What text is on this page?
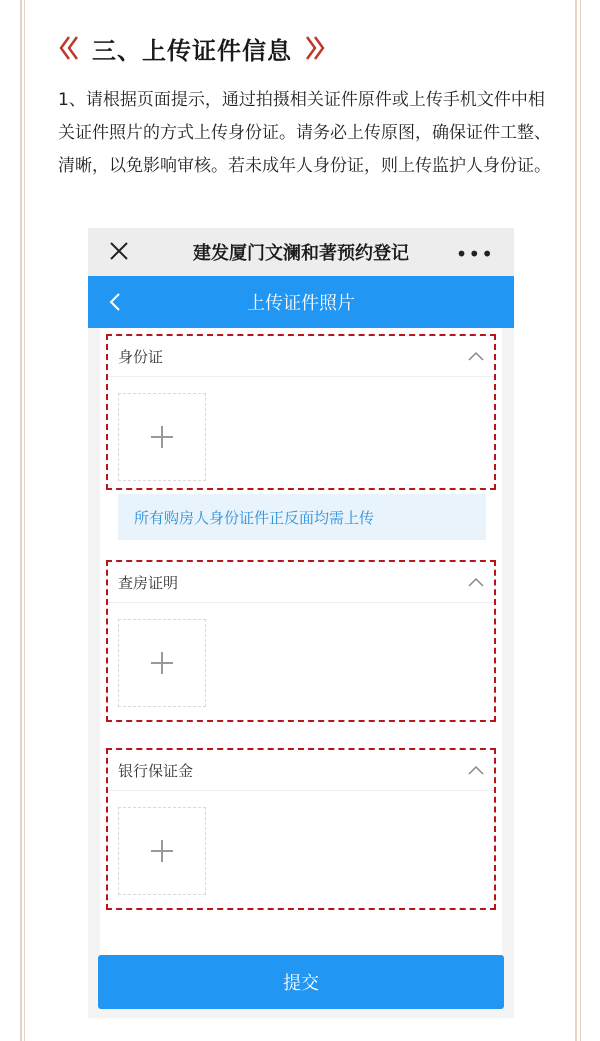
三、上传证件信息
1、请根据页面提示，通过拍摄相关证件原件或上传手机文件中相关证件照片的方式上传身份证。请务必上传原图，确保证件工整、清晰，以免影响审核。若未成年人身份证，则上传监护人身份证。
建发厦门文澜和著预约登记 •••
上传证件照片
身份证
所有购房人身份证件正反面均需上传
查房证明
银行保证金
提交
